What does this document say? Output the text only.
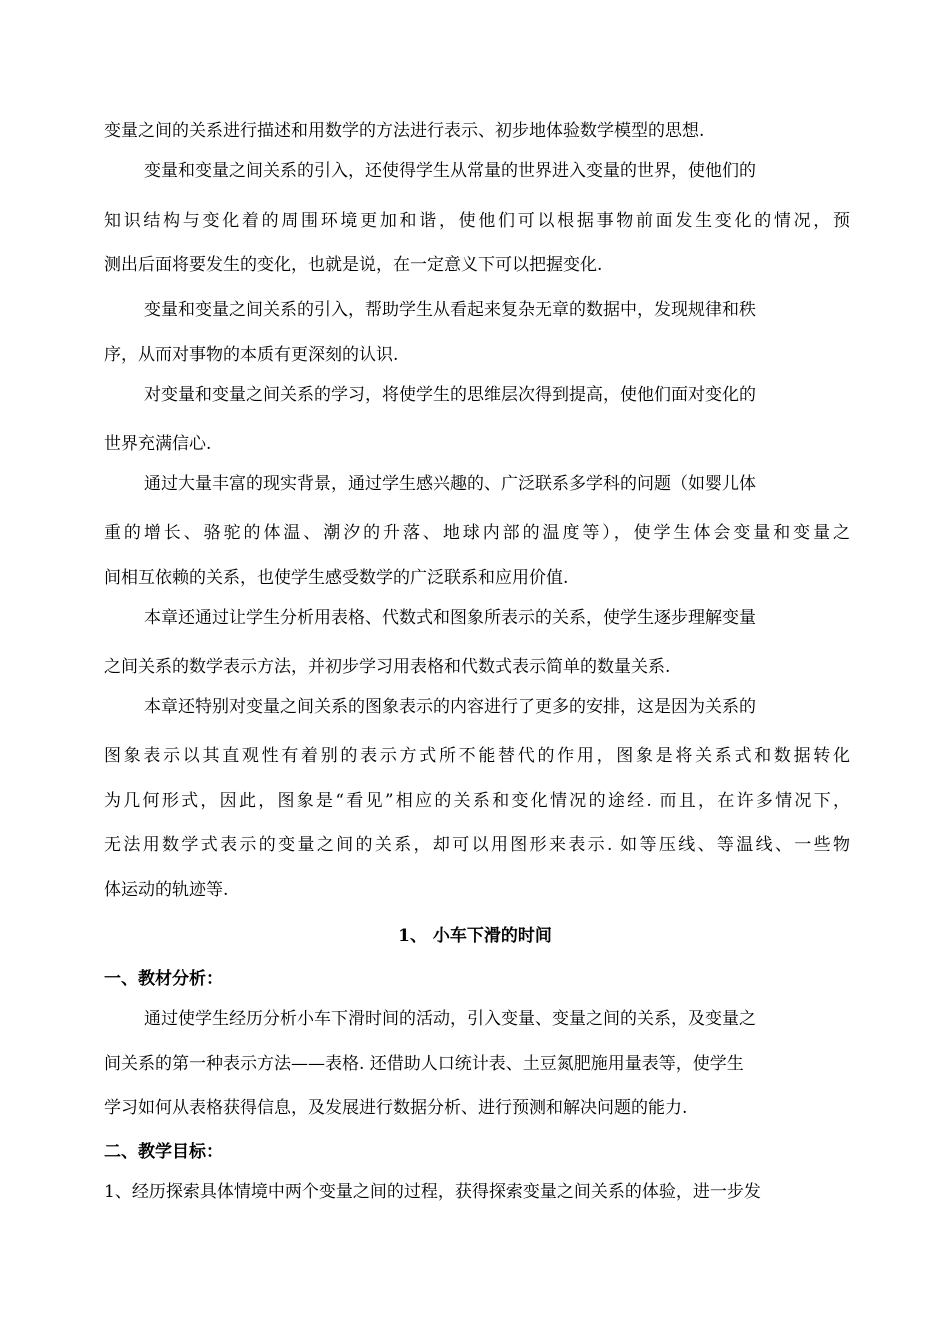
变量之间的关系进行描述和用数学的方法进行表示、初步地体验数学模型的思想.
变量和变量之间关系的引入，还使得学生从常量的世界进入变量的世界，使他们的
知识结构与变化着的周围环境更加和谐，使他们可以根据事物前面发生变化的情况，预
测出后面将要发生的变化，也就是说，在一定意义下可以把握变化.
变量和变量之间关系的引入，帮助学生从看起来复杂无章的数据中，发现规律和秩
序，从而对事物的本质有更深刻的认识.
对变量和变量之间关系的学习，将使学生的思维层次得到提高，使他们面对变化的
世界充满信心.
通过大量丰富的现实背景，通过学生感兴趣的、广泛联系多学科的问题（如婴儿体
重的增长、骆驼的体温、潮汐的升落、地球内部的温度等），使学生体会变量和变量之
间相互依赖的关系，也使学生感受数学的广泛联系和应用价值.
本章还通过让学生分析用表格、代数式和图象所表示的关系，使学生逐步理解变量
之间关系的数学表示方法，并初步学习用表格和代数式表示简单的数量关系.
本章还特别对变量之间关系的图象表示的内容进行了更多的安排，这是因为关系的
图象表示以其直观性有着别的表示方式所不能替代的作用，图象是将关系式和数据转化
为几何形式，因此，图象是“看见”相应的关系和变化情况的途经. 而且，在许多情况下，
无法用数学式表示的变量之间的关系，却可以用图形来表示. 如等压线、等温线、一些物
体运动的轨迹等.
1、 小车下滑的时间
一、教材分析：
通过使学生经历分析小车下滑时间的活动，引入变量、变量之间的关系，及变量之
间关系的第一种表示方法——表格. 还借助人口统计表、土豆氮肥施用量表等，使学生
学习如何从表格获得信息，及发展进行数据分析、进行预测和解决问题的能力.
二、教学目标：
1、经历探索具体情境中两个变量之间的过程，获得探索变量之间关系的体验，进一步发
